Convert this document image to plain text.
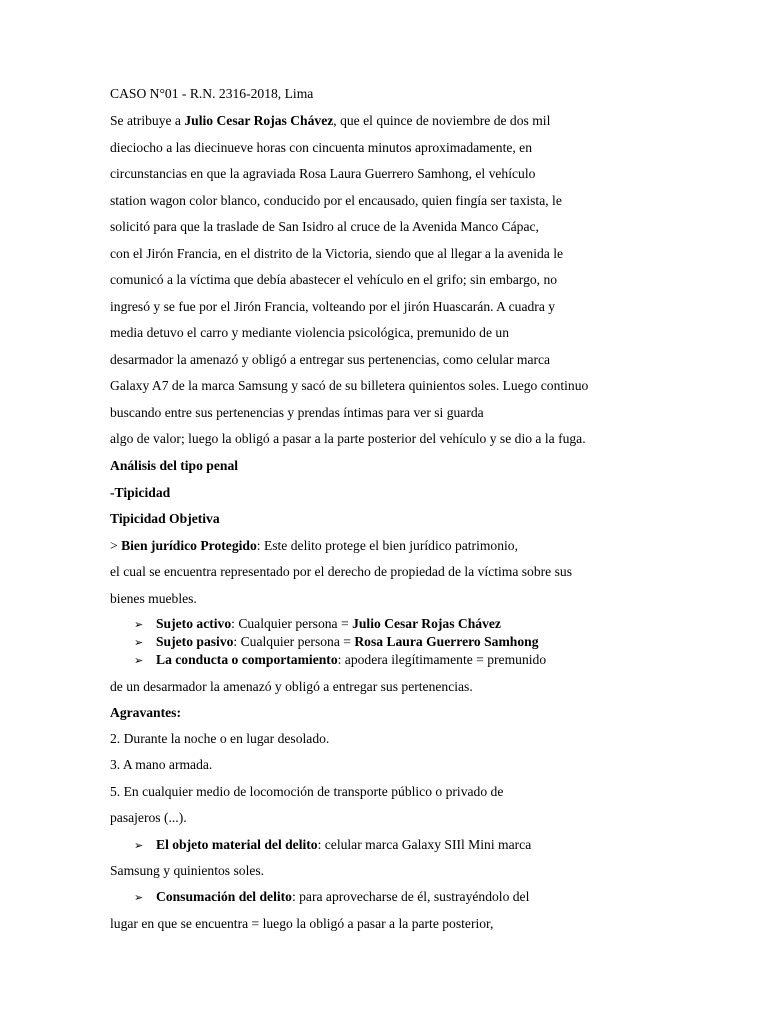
CASO N°01 - R.N. 2316-2018, Lima
Se atribuye a Julio Cesar Rojas Chávez, que el quince de noviembre de dos mil
dieciocho a las diecinueve horas con cincuenta minutos aproximadamente, en
circunstancias en que la agraviada Rosa Laura Guerrero Samhong, el vehículo
station wagon color blanco, conducido por el encausado, quien fingía ser taxista, le
solicitó para que la traslade de San Isidro al cruce de la Avenida Manco Cápac,
con el Jirón Francia, en el distrito de la Victoria, siendo que al llegar a la avenida le
comunicó a la víctima que debía abastecer el vehículo en el grifo; sin embargo, no
ingresó y se fue por el Jirón Francia, volteando por el jirón Huascarán. A cuadra y
media detuvo el carro y mediante violencia psicológica, premunido de un
desarmador la amenazó y obligó a entregar sus pertenencias, como celular marca
Galaxy A7 de la marca Samsung y sacó de su billetera quinientos soles. Luego continuo
buscando entre sus pertenencias y prendas íntimas para ver si guarda
algo de valor; luego la obligó a pasar a la parte posterior del vehículo y se dio a la fuga.
Análisis del tipo penal
-Tipicidad
Tipicidad Objetiva
> Bien jurídico Protegido: Este delito protege el bien jurídico patrimonio,
el cual se encuentra representado por el derecho de propiedad de la víctima sobre sus
bienes muebles.
➢ Sujeto activo: Cualquier persona = Julio Cesar Rojas Chávez
➢ Sujeto pasivo: Cualquier persona = Rosa Laura Guerrero Samhong
➢ La conducta o comportamiento: apodera ilegítimamente = premunido
de un desarmador la amenazó y obligó a entregar sus pertenencias.
Agravantes:
2. Durante la noche o en lugar desolado.
3. A mano armada.
5. En cualquier medio de locomoción de transporte público o privado de
pasajeros (...).
➢ El objeto material del delito: celular marca Galaxy SIIl Mini marca
Samsung y quinientos soles.
➢ Consumación del delito: para aprovecharse de él, sustrayéndolo del
lugar en que se encuentra = luego la obligó a pasar a la parte posterior,
